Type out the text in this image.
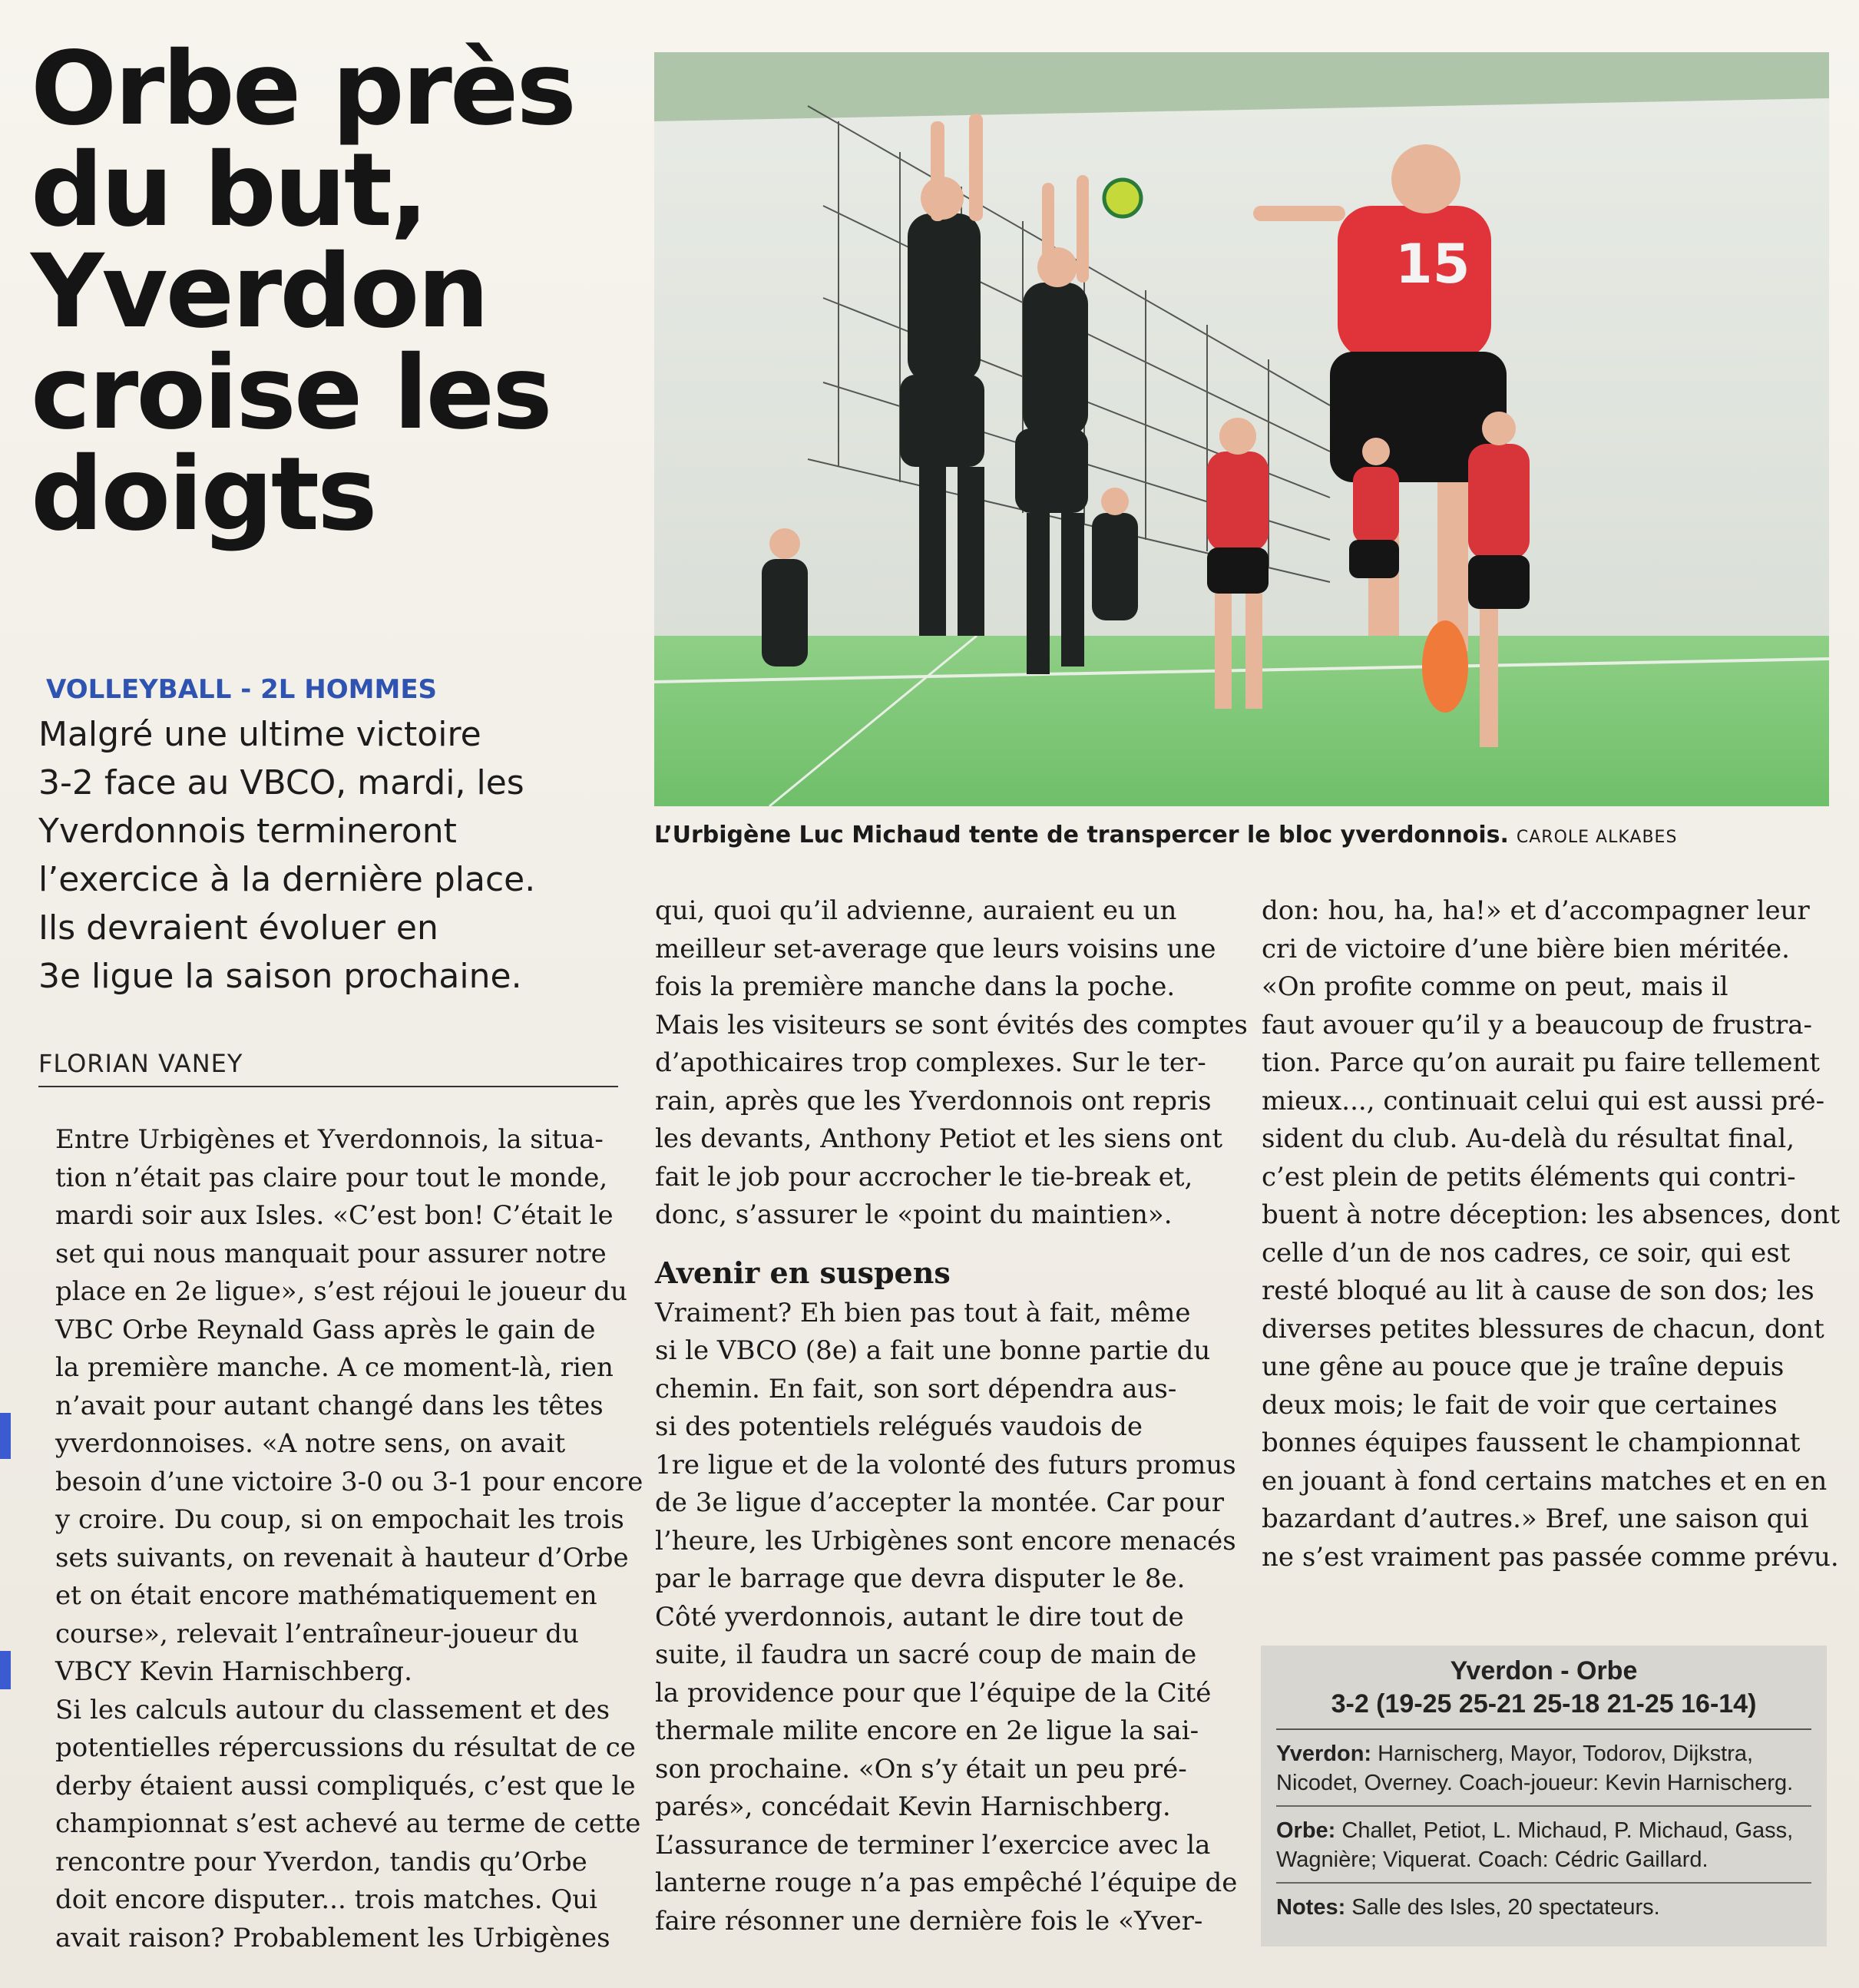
Orbe près
du but,
Yverdon
croise les
doigts
VOLLEYBALL - 2L HOMMES
Malgré une ultime victoire
3-2 face au VBCO, mardi, les
Yverdonnois termineront
l’exercice à la dernière place.
Ils devraient évoluer en
3e ligue la saison prochaine.
FLORIAN VANEY
15
L’Urbigène Luc Michaud tente de transpercer le bloc yverdonnois. CAROLE ALKABES
Entre Urbigènes et Yverdonnois, la situa-
tion n’était pas claire pour tout le monde,
mardi soir aux Isles. «C’est bon! C’était le
set qui nous manquait pour assurer notre
place en 2e ligue», s’est réjoui le joueur du
VBC Orbe Reynald Gass après le gain de
la première manche. A ce moment-là, rien
n’avait pour autant changé dans les têtes
yverdonnoises. «A notre sens, on avait
besoin d’une victoire 3-0 ou 3-1 pour encore
y croire. Du coup, si on empochait les trois
sets suivants, on revenait à hauteur d’Orbe
et on était encore mathématiquement en
course», relevait l’entraîneur-joueur du
VBCY Kevin Harnischberg.
Si les calculs autour du classement et des
potentielles répercussions du résultat de ce
derby étaient aussi compliqués, c’est que le
championnat s’est achevé au terme de cette
rencontre pour Yverdon, tandis qu’Orbe
doit encore disputer... trois matches. Qui
avait raison? Probablement les Urbigènes
qui, quoi qu’il advienne, auraient eu un
meilleur set-average que leurs voisins une
fois la première manche dans la poche.
Mais les visiteurs se sont évités des comptes
d’apothicaires trop complexes. Sur le ter-
rain, après que les Yverdonnois ont repris
les devants, Anthony Petiot et les siens ont
fait le job pour accrocher le tie-break et,
donc, s’assurer le «point du maintien».
Avenir en suspens
Vraiment? Eh bien pas tout à fait, même
si le VBCO (8e) a fait une bonne partie du
chemin. En fait, son sort dépendra aus-
si des potentiels relégués vaudois de
1re ligue et de la volonté des futurs promus
de 3e ligue d’accepter la montée. Car pour
l’heure, les Urbigènes sont encore menacés
par le barrage que devra disputer le 8e.
Côté yverdonnois, autant le dire tout de
suite, il faudra un sacré coup de main de
la providence pour que l’équipe de la Cité
thermale milite encore en 2e ligue la sai-
son prochaine. «On s’y était un peu pré-
parés», concédait Kevin Harnischberg.
L’assurance de terminer l’exercice avec la
lanterne rouge n’a pas empêché l’équipe de
faire résonner une dernière fois le «Yver-
don: hou, ha, ha!» et d’accompagner leur
cri de victoire d’une bière bien méritée.
«On profite comme on peut, mais il
faut avouer qu’il y a beaucoup de frustra-
tion. Parce qu’on aurait pu faire tellement
mieux..., continuait celui qui est aussi pré-
sident du club. Au-delà du résultat final,
c’est plein de petits éléments qui contri-
buent à notre déception: les absences, dont
celle d’un de nos cadres, ce soir, qui est
resté bloqué au lit à cause de son dos; les
diverses petites blessures de chacun, dont
une gêne au pouce que je traîne depuis
deux mois; le fait de voir que certaines
bonnes équipes faussent le championnat
en jouant à fond certains matches et en en
bazardant d’autres.» Bref, une saison qui
ne s’est vraiment pas passée comme prévu.
Yverdon - Orbe
3-2 (19-25 25-21 25-18 21-25 16-14)
Yverdon: Harnischerg, Mayor, Todorov, Dijkstra, Nicodet, Overney. Coach-joueur: Kevin Harnischerg.
Orbe: Challet, Petiot, L. Michaud, P. Michaud, Gass, Wagnière; Viquerat. Coach: Cédric Gaillard.
Notes: Salle des Isles, 20 spectateurs.
